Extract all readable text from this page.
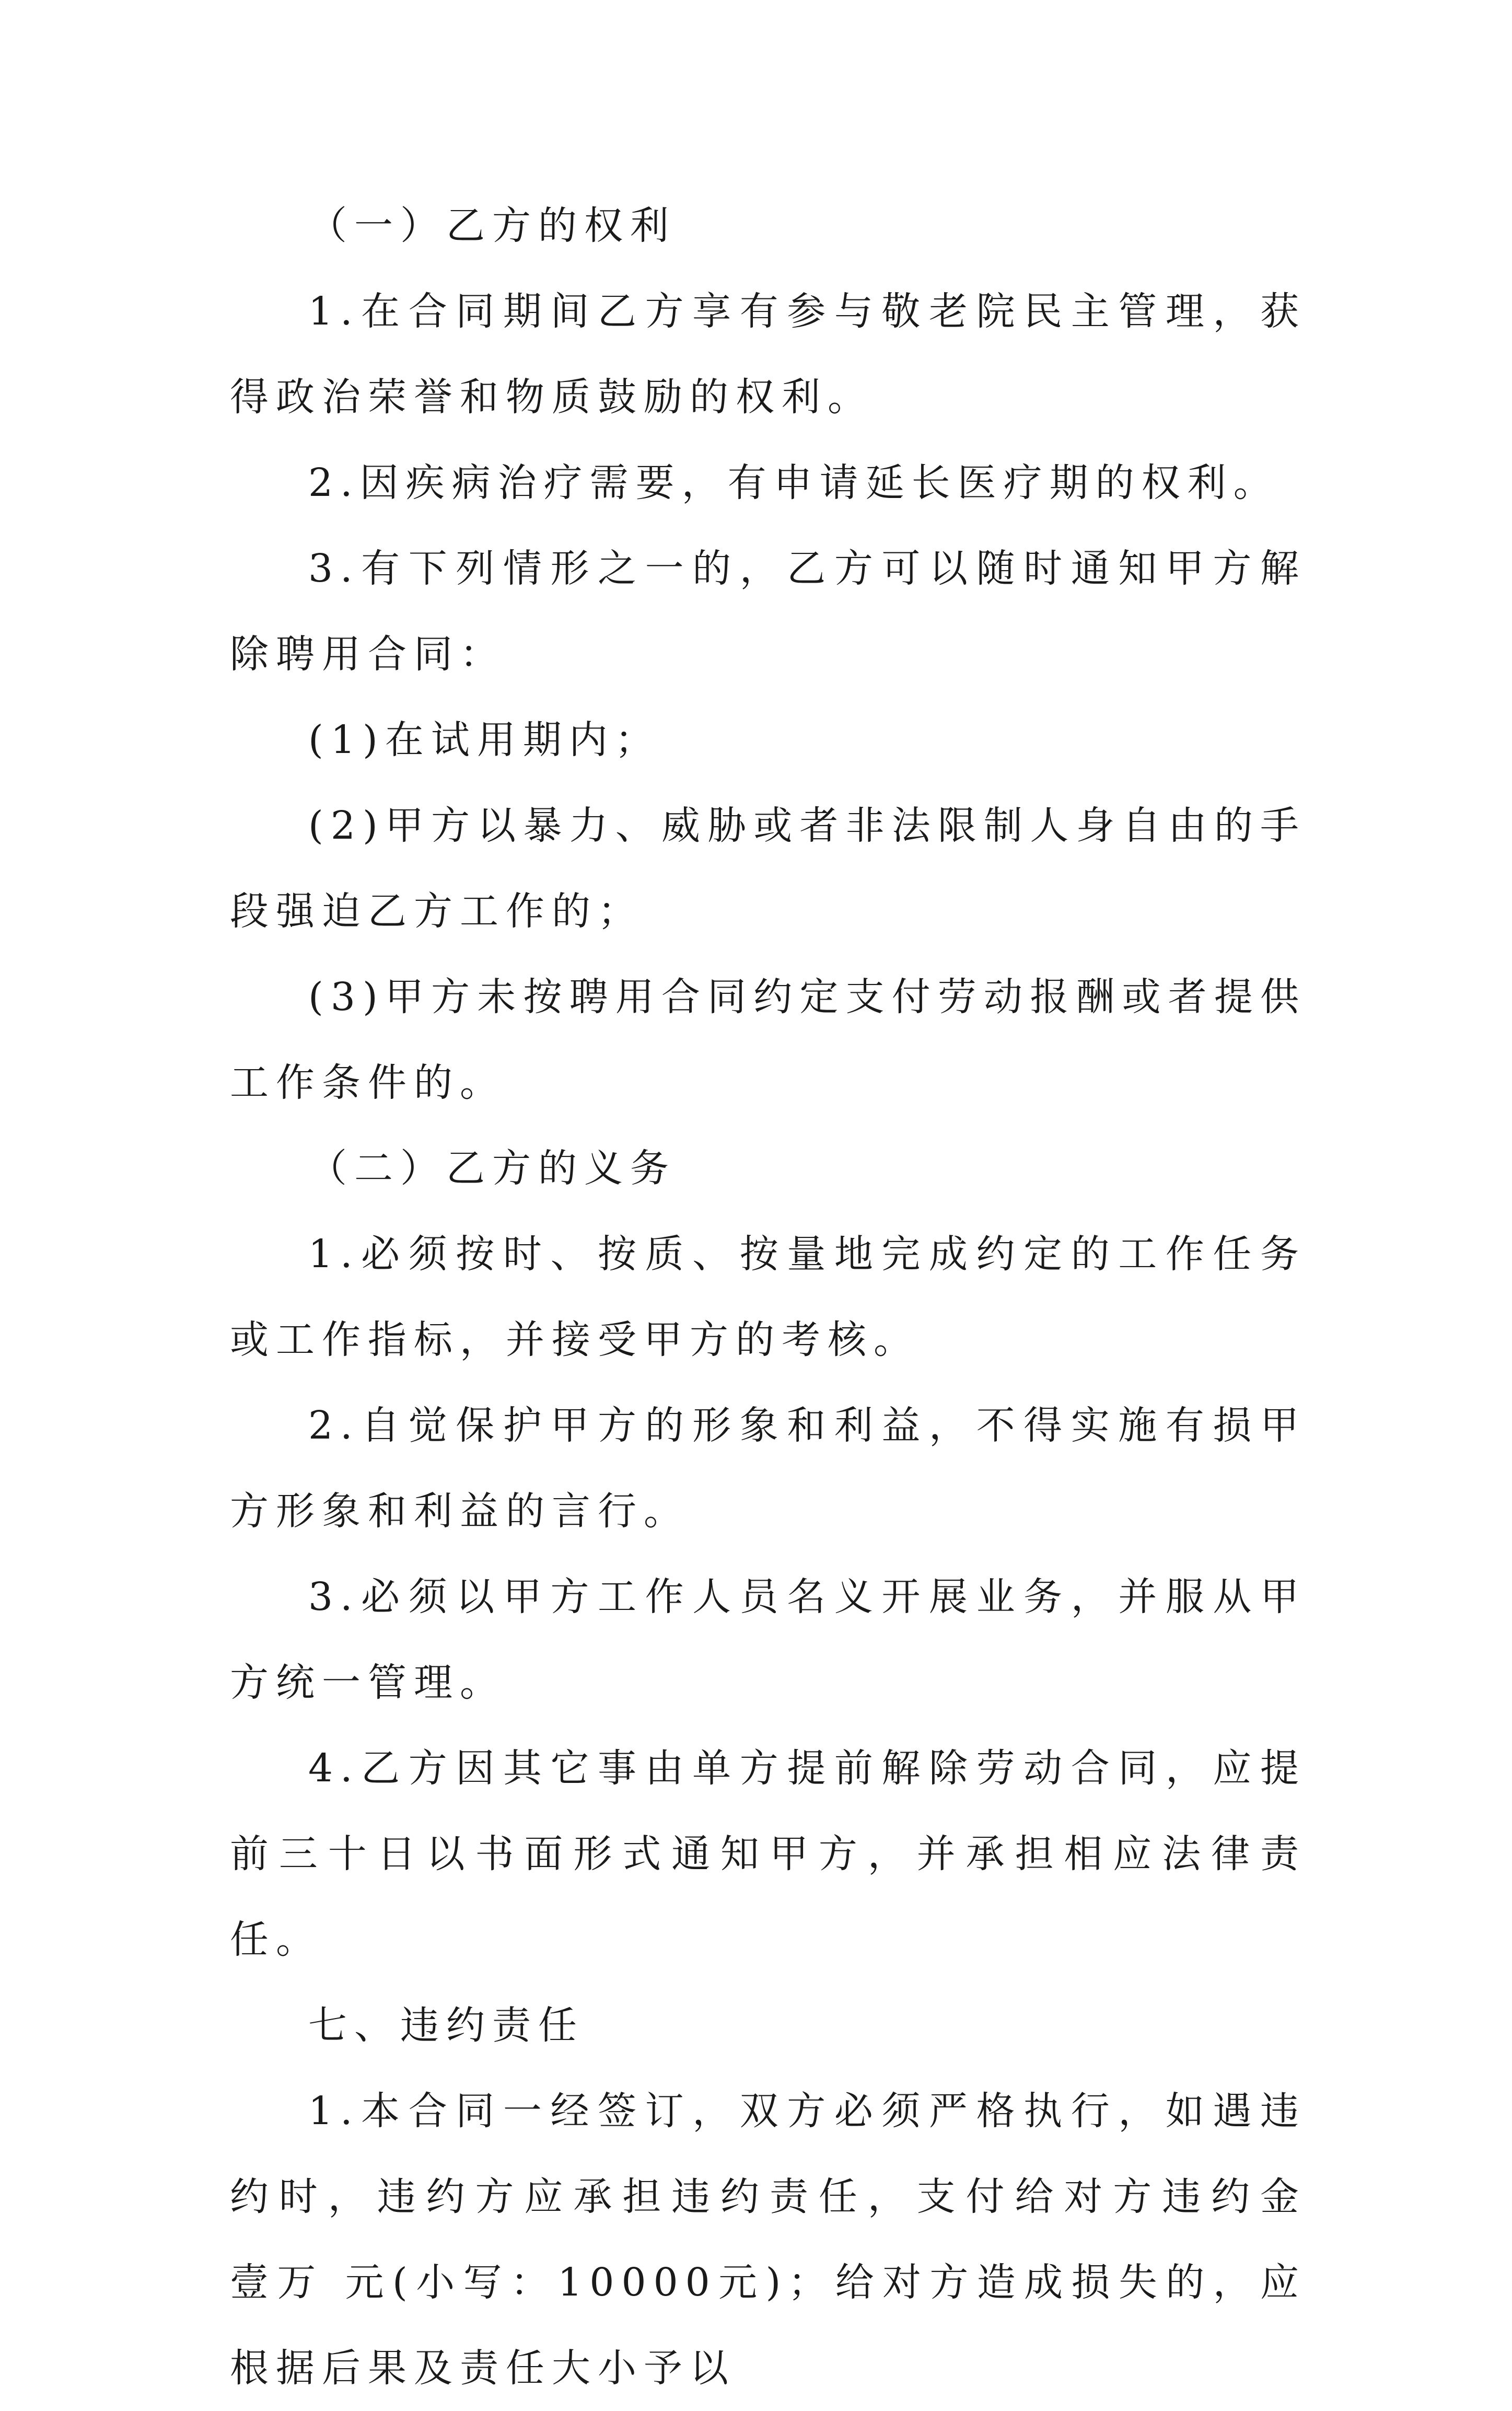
（一）乙方的权利

1.在合同期间乙方享有参与敬老院民主管理，获得政治荣誉和物质鼓励的权利。

2.因疾病治疗需要，有申请延长医疗期的权利。

3.有下列情形之一的，乙方可以随时通知甲方解除聘用合同：

(1)在试用期内；

(2)甲方以暴力、威胁或者非法限制人身自由的手段强迫乙方工作的；

(3)甲方未按聘用合同约定支付劳动报酬或者提供工作条件的。

（二）乙方的义务

1.必须按时、按质、按量地完成约定的工作任务或工作指标，并接受甲方的考核。

2.自觉保护甲方的形象和利益，不得实施有损甲方形象和利益的言行。

3.必须以甲方工作人员名义开展业务，并服从甲方统一管理。

4.乙方因其它事由单方提前解除劳动合同，应提前三十日以书面形式通知甲方，并承担相应法律责任。

七、违约责任

1.本合同一经签订，双方必须严格执行，如遇违约时，违约方应承担违约责任，支付给对方违约金 壹万 元(小写：10000元)；给对方造成损失的，应根据后果及责任大小予以
